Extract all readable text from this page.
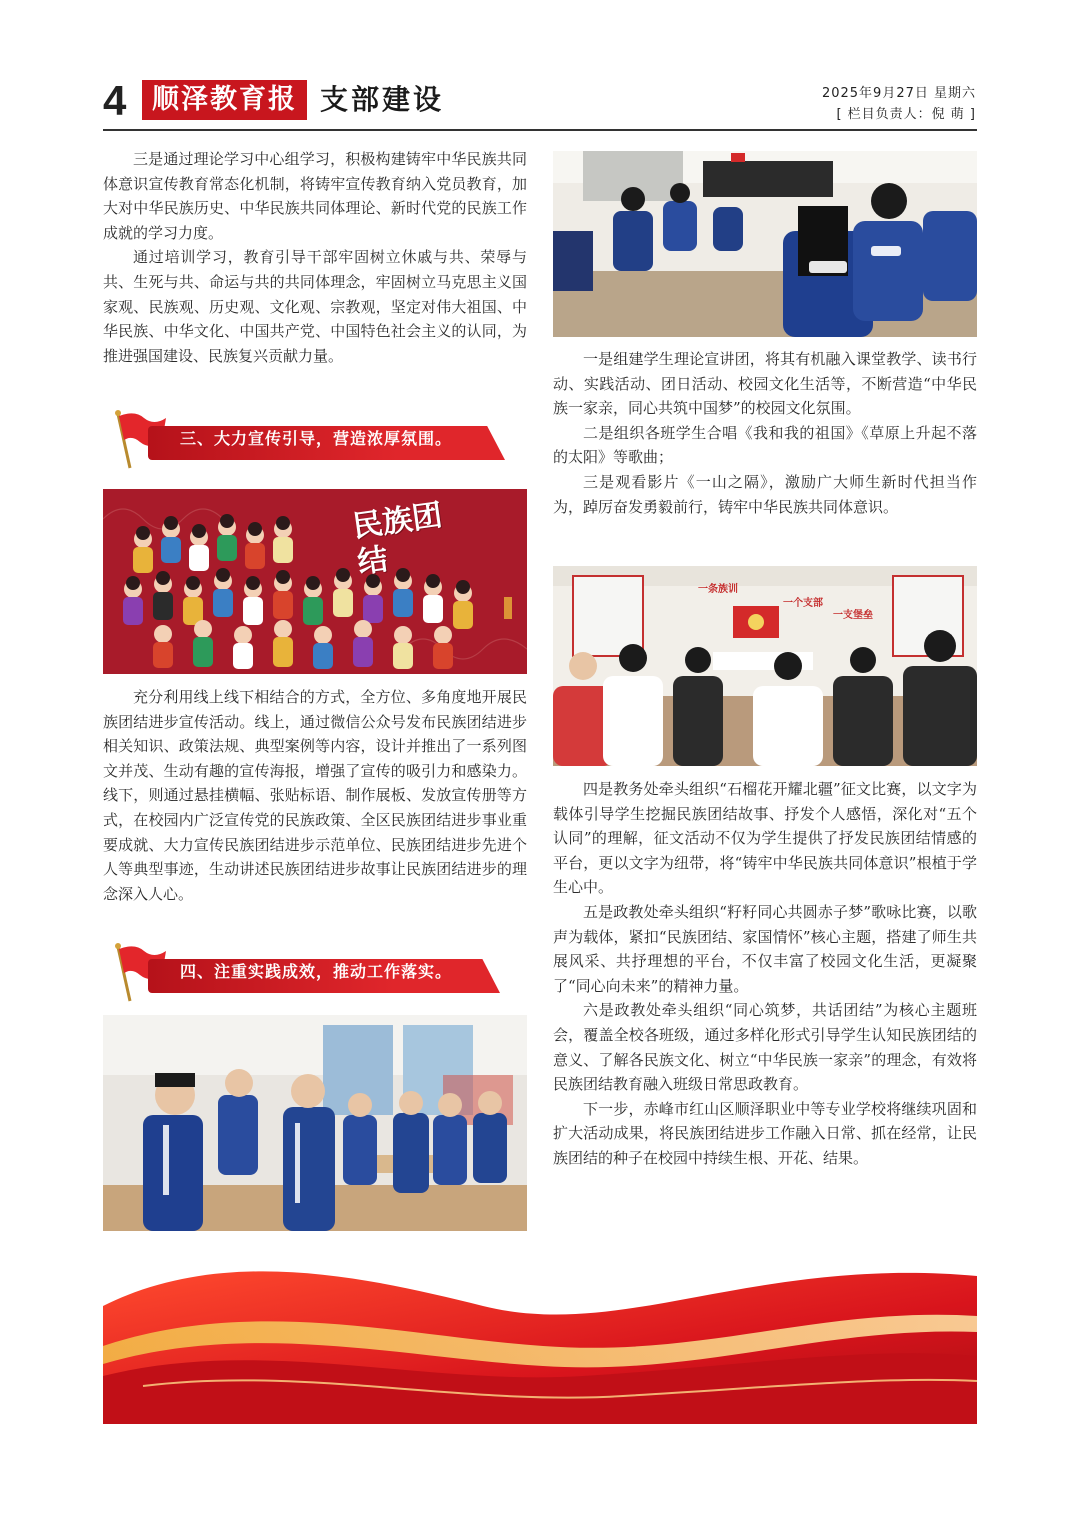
4 顺泽教育报 支部建设	2025年9月27日 星期六
[ 栏目负责人：倪 萌 ]

三是通过理论学习中心组学习，积极构建铸牢中华民族共同体意识宣传教育常态化机制，将铸牢宣传教育纳入党员教育，加大对中华民族历史、中华民族共同体理论、新时代党的民族工作成就的学习力度。

通过培训学习，教育引导干部牢固树立休戚与共、荣辱与共、生死与共、命运与共的共同体理念，牢固树立马克思主义国家观、民族观、历史观、文化观、宗教观，坚定对伟大祖国、中华民族、中华文化、中国共产党、中国特色社会主义的认同，为推进强国建设、民族复兴贡献力量。

三、大力宣传引导，营造浓厚氛围。
民族团结

充分利用线上线下相结合的方式，全方位、多角度地开展民族团结进步宣传活动。线上，通过微信公众号发布民族团结进步相关知识、政策法规、典型案例等内容，设计并推出了一系列图文并茂、生动有趣的宣传海报，增强了宣传的吸引力和感染力。线下，则通过悬挂横幅、张贴标语、制作展板、发放宣传册等方式，在校园内广泛宣传党的民族政策、全区民族团结进步事业重要成就、大力宣传民族团结进步示范单位、民族团结进步先进个人等典型事迹，生动讲述民族团结进步故事让民族团结进步的理念深入人心。

四、注重实践成效，推动工作落实。

一是组建学生理论宣讲团，将其有机融入课堂教学、读书行动、实践活动、团日活动、校园文化生活等，不断营造“中华民族一家亲，同心共筑中国梦”的校园文化氛围。

二是组织各班学生合唱《我和我的祖国》《草原上升起不落的太阳》等歌曲；

三是观看影片《一山之隔》，激励广大师生新时代担当作为，踔厉奋发勇毅前行，铸牢中华民族共同体意识。

一条族训
一个支部
一支堡垒

四是教务处牵头组织“石榴花开耀北疆”征文比赛，以文字为载体引导学生挖掘民族团结故事、抒发个人感悟，深化对“五个认同”的理解，征文活动不仅为学生提供了抒发民族团结情感的平台，更以文字为纽带，将“铸牢中华民族共同体意识”根植于学生心中。

五是政教处牵头组织“籽籽同心共圆赤子梦”歌咏比赛，以歌声为载体，紧扣“民族团结、家国情怀”核心主题，搭建了师生共展风采、共抒理想的平台，不仅丰富了校园文化生活，更凝聚了“同心向未来”的精神力量。

六是政教处牵头组织“同心筑梦，共话团结”为核心主题班会，覆盖全校各班级，通过多样化形式引导学生认知民族团结的意义、了解各民族文化、树立“中华民族一家亲”的理念，有效将民族团结教育融入班级日常思政教育。

下一步，赤峰市红山区顺泽职业中等专业学校将继续巩固和扩大活动成果，将民族团结进步工作融入日常、抓在经常，让民族团结的种子在校园中持续生根、开花、结果。
